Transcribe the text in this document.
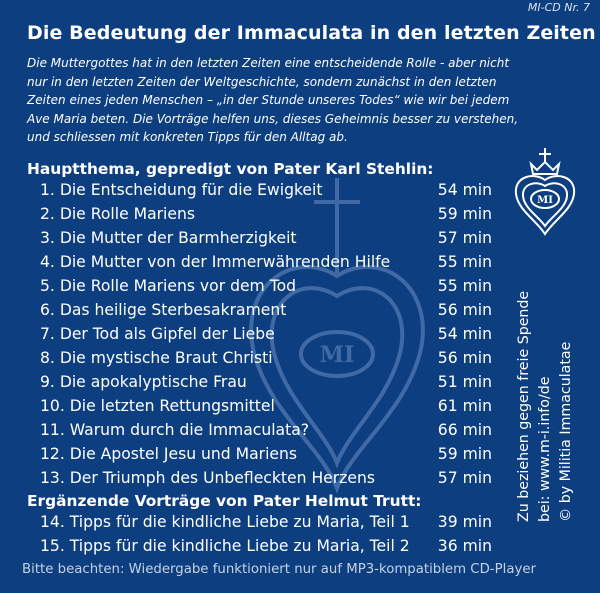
MI
MI-CD Nr. 7
Die Bedeutung der Immaculata in den letzten Zeiten
Die Muttergottes hat in den letzten Zeiten eine entscheidende Rolle - aber nicht
nur in den letzten Zeiten der Weltgeschichte, sondern zunächst in den letzten
Zeiten eines jeden Menschen – „in der Stunde unseres Todes“ wie wir bei jedem
Ave Maria beten. Die Vorträge helfen uns, dieses Geheimnis besser zu verstehen,
und schliessen mit konkreten Tipps für den Alltag ab.
Hauptthema, gepredigt von Pater Karl Stehlin:
1. Die Entscheidung für die Ewigkeit	54 min
2. Die Rolle Mariens	59 min
3. Die Mutter der Barmherzigkeit	57 min
4. Die Mutter von der Immerwährenden Hilfe	55 min
5. Die Rolle Mariens vor dem Tod	55 min
6. Das heilige Sterbesakrament	56 min
7. Der Tod als Gipfel der Liebe	54 min
8. Die mystische Braut Christi	56 min
9. Die apokalyptische Frau	51 min
10. Die letzten Rettungsmittel	61 min
11. Warum durch die Immaculata?	66 min
12. Die Apostel Jesu und Mariens	59 min
13. Der Triumph des Unbefleckten Herzens	57 min
Ergänzende Vorträge von Pater Helmut Trutt:
14. Tipps für die kindliche Liebe zu Maria, Teil 1 39 min
15. Tipps für die kindliche Liebe zu Maria, Teil 2 36 min
MI
Zu beziehen gegen freie Spende bei: www.m-i.info/de © by Militia Immaculatae
Bitte beachten: Wiedergabe funktioniert nur auf MP3-kompatiblem CD-Player
